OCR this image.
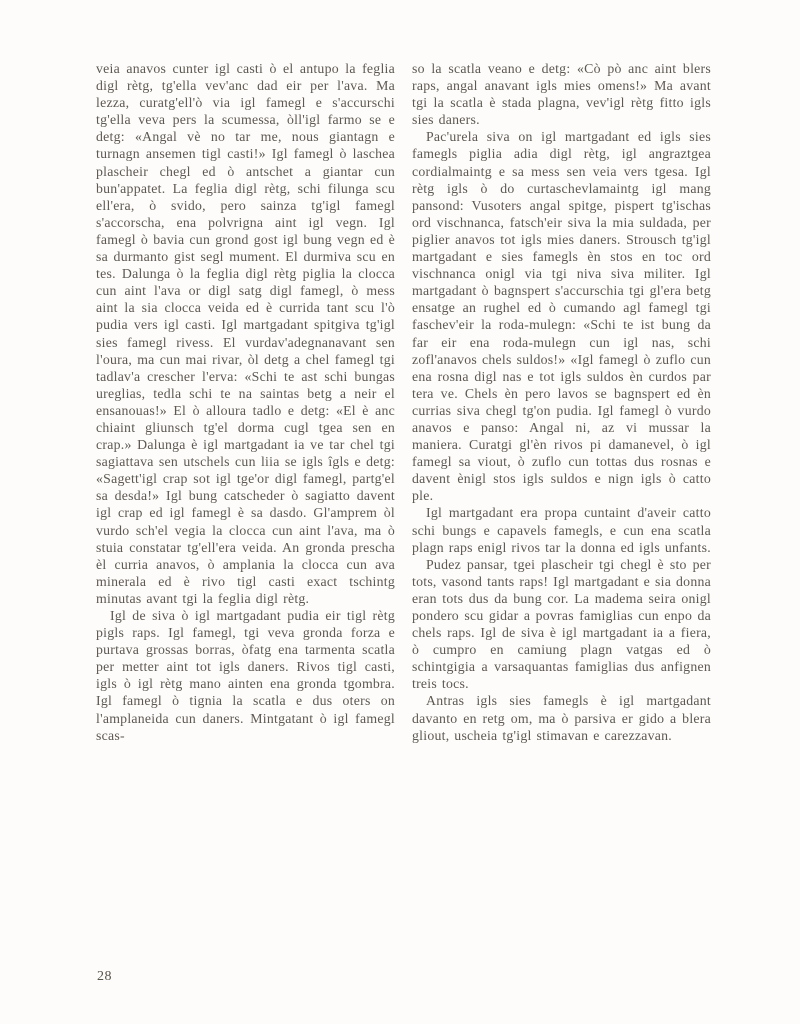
veia anavos cunter igl casti ò el antupo la feglia digl rètg, tg'ella vev'anc dad eir per l'ava. Ma lezza, curatg'ell'ò via igl famegl e s'accurschi tg'ella veva pers la scumessa, òll'igl farmo se e detg: «Angal vè no tar me, nous giantagn e turnagn ansemen tigl casti!» Igl famegl ò laschea plascheir chegl ed ò antschet a giantar cun bun'appatet. La feglia digl rètg, schi filunga scu ell'era, ò svido, pero sainza tg'igl famegl s'accorscha, ena polvrigna aint igl vegn. Igl famegl ò bavia cun grond gost igl bung vegn ed è sa durmanto gist segl mument. El durmiva scu en tes. Dalunga ò la feglia digl rètg piglia la clocca cun aint l'ava or digl satg digl famegl, ò mess aint la sia clocca veida ed è currida tant scu l'ò pudia vers igl casti. Igl martgadant spitgiva tg'igl sies famegl rivess. El vurdav'adegnanavant sen l'oura, ma cun mai rivar, òl detg a chel famegl tgi tadlav'a crescher l'erva: «Schi te ast schi bungas ureglias, tedla schi te na saintas betg a neir el ensanouas!» El ò alloura tadlo e detg: «El è anc chiaint gliunsch tg'el dorma cugl tgea sen en crap.» Dalunga è igl martgadant ia ve tar chel tgi sagiattava sen utschels cun liia se igls îgls e detg: «Sagett'igl crap sot igl tge'or digl famegl, partg'el sa desda!» Igl bung catscheder ò sagiatto davent igl crap ed igl famegl è sa dasdo. Gl'amprem òl vurdo sch'el vegia la clocca cun aint l'ava, ma ò stuia constatar tg'ell'era veida. An gronda prescha èl curria anavos, ò amplania la clocca cun ava minerala ed è rivo tigl casti exact tschintg minutas avant tgi la feglia digl rètg.

Igl de siva ò igl martgadant pudia eir tigl rètg pigls raps. Igl famegl, tgi veva gronda forza e purtava grossas borras, òfatg ena tarmenta scatla per metter aint tot igls daners. Rivos tigl casti, igls ò igl rètg mano ainten ena gronda tgombra. Igl famegl ò tignia la scatla e dus oters on l'amplaneida cun daners. Mintgatant ò igl famegl scas-

so la scatla veano e detg: «Cò pò anc aint blers raps, angal anavant igls mies omens!» Ma avant tgi la scatla è stada plagna, vev'igl rètg fitto igls sies daners.

Pac'urela siva on igl martgadant ed igls sies famegls piglia adia digl rètg, igl angraztgea cordialmaintg e sa mess sen veia vers tgesa. Igl rètg igls ò do curtaschevlamaintg igl mang pansond: Vusoters angal spitge, pispert tg'ischas ord vischnanca, fatsch'eir siva la mia suldada, per piglier anavos tot igls mies daners. Strousch tg'igl martgadant e sies famegls èn stos en toc ord vischnanca onigl via tgi niva siva militer. Igl martgadant ò bagnspert s'accurschia tgi gl'era betg ensatge an rughel ed ò cumando agl famegl tgi faschev'eir la roda-mulegn: «Schi te ist bung da far eir ena roda-mulegn cun igl nas, schi zofl'anavos chels suldos!» «Igl famegl ò zuflo cun ena rosna digl nas e tot igls suldos èn curdos par tera ve. Chels èn pero lavos se bagnspert ed èn currias siva chegl tg'on pudia. Igl famegl ò vurdo anavos e panso: Angal ni, az vi mussar la maniera. Curatgi gl'èn rivos pi damanevel, ò igl famegl sa viout, ò zuflo cun tottas dus rosnas e davent ènigl stos igls suldos e nign igls ò catto ple.

Igl martgadant era propa cuntaint d'aveir catto schi bungs e capavels famegls, e cun ena scatla plagn raps enigl rivos tar la donna ed igls unfants.

Pudez pansar, tgei plascheir tgi chegl è sto per tots, vasond tants raps! Igl martgadant e sia donna eran tots dus da bung cor. La madema seira onigl pondero scu gidar a povras famiglias cun enpo da chels raps. Igl de siva è igl martgadant ia a fiera, ò cumpro en camiung plagn vatgas ed ò schintgigia a varsaquantas famiglias dus anfignen treis tocs.

Antras igls sies famegls è igl martgadant davanto en retg om, ma ò parsiva er gido a blera gliout, uscheia tg'igl stimavan e carezzavan.

28
